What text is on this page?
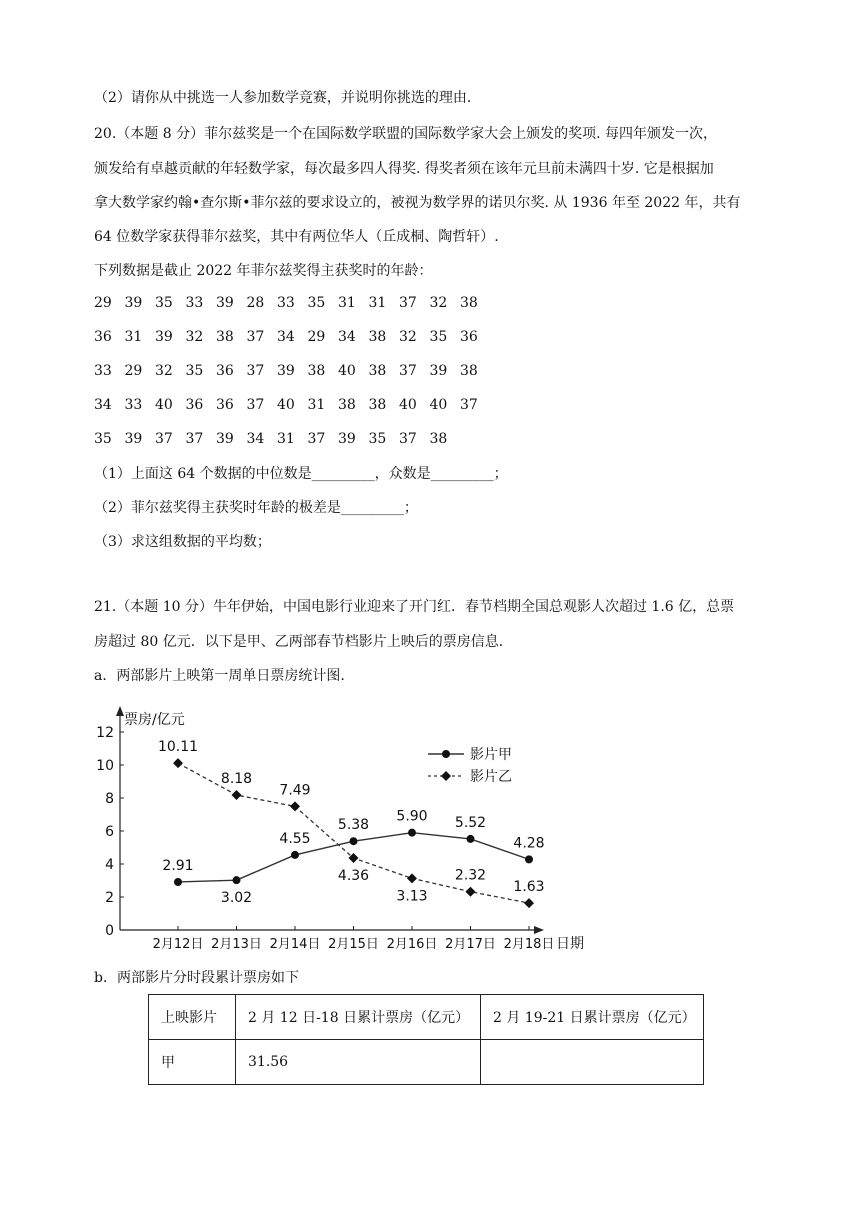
（2）请你从中挑选一人参加数学竞赛，并说明你挑选的理由.
20.（本题 8 分）菲尔兹奖是一个在国际数学联盟的国际数学家大会上颁发的奖项. 每四年颁发一次，
颁发给有卓越贡献的年轻数学家，每次最多四人得奖. 得奖者须在该年元旦前未满四十岁. 它是根据加
拿大数学家约翰•查尔斯•菲尔兹的要求设立的，被视为数学界的诺贝尔奖. 从 1936 年至 2022 年，共有
64 位数学家获得菲尔兹奖，其中有两位华人（丘成桐、陶哲轩）.
下列数据是截止 2022 年菲尔兹奖得主获奖时的年龄：
29 39 35 33 39 28 33 35 31 31 37 32 38
36 31 39 32 38 37 34 29 34 38 32 35 36
33 29 32 35 36 37 39 38 40 38 37 39 38
34 33 40 36 36 37 40 31 38 38 40 40 37
35 39 37 37 39 34 31 37 39 35 37 38
（1）上面这 64 个数据的中位数是_________，众数是_________；
（2）菲尔兹奖得主获奖时年龄的极差是_________；
（3）求这组数据的平均数；
21.（本题 10 分）牛年伊始，中国电影行业迎来了开门红．春节档期全国总观影人次超过 1.6 亿，总票
房超过 80 亿元．以下是甲、乙两部春节档影片上映后的票房信息．
a．两部影片上映第一周单日票房统计图.
0
2
4
6
8
10
12
票房/亿元
2月12日 2月13日 2月14日 2月15日 2月16日 2月17日 2月18日 日期
2.91
3.02
4.55
5.38
5.90 5.52
4.28
10.11
8.18
7.49
4.36
3.13
2.32
1.63
影片甲
影片乙
b．两部影片分时段累计票房如下
上映影片	2 月 12 日-18 日累计票房（亿元）	2 月 19-21 日累计票房（亿元）
甲	31.56	
